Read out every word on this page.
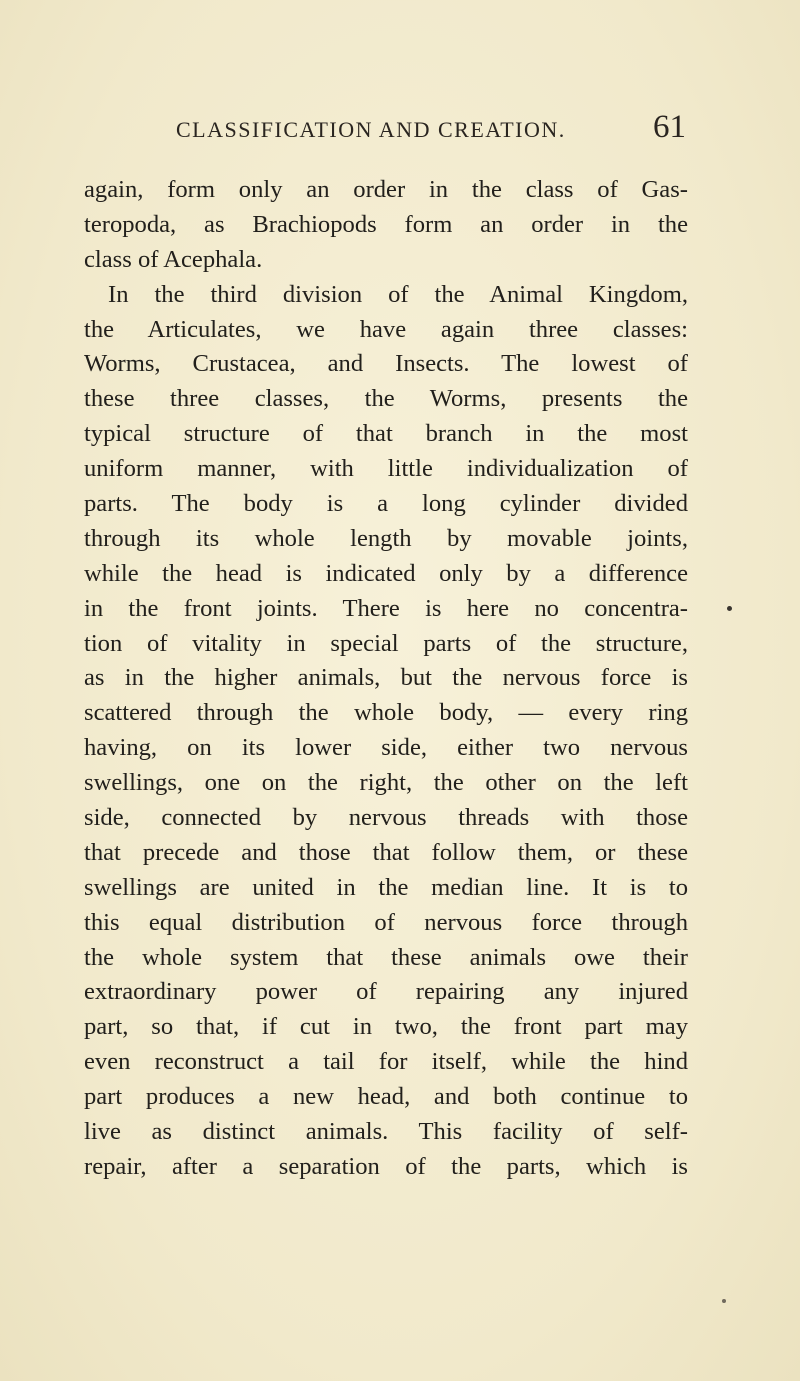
CLASSIFICATION AND CREATION.	61
again, form only an order in the class of Gas-
teropoda, as Brachiopods form an order in the
class of Acephala.
In the third division of the Animal Kingdom,
the Articulates, we have again three classes:
Worms, Crustacea, and Insects. The lowest of
these three classes, the Worms, presents the
typical structure of that branch in the most
uniform manner, with little individualization of
parts. The body is a long cylinder divided
through its whole length by movable joints,
while the head is indicated only by a difference
in the front joints. There is here no concentra-
tion of vitality in special parts of the structure,
as in the higher animals, but the nervous force is
scattered through the whole body, — every ring
having, on its lower side, either two nervous
swellings, one on the right, the other on the left
side, connected by nervous threads with those
that precede and those that follow them, or these
swellings are united in the median line. It is to
this equal distribution of nervous force through
the whole system that these animals owe their
extraordinary power of repairing any injured
part, so that, if cut in two, the front part may
even reconstruct a tail for itself, while the hind
part produces a new head, and both continue to
live as distinct animals. This facility of self-
repair, after a separation of the parts, which is
